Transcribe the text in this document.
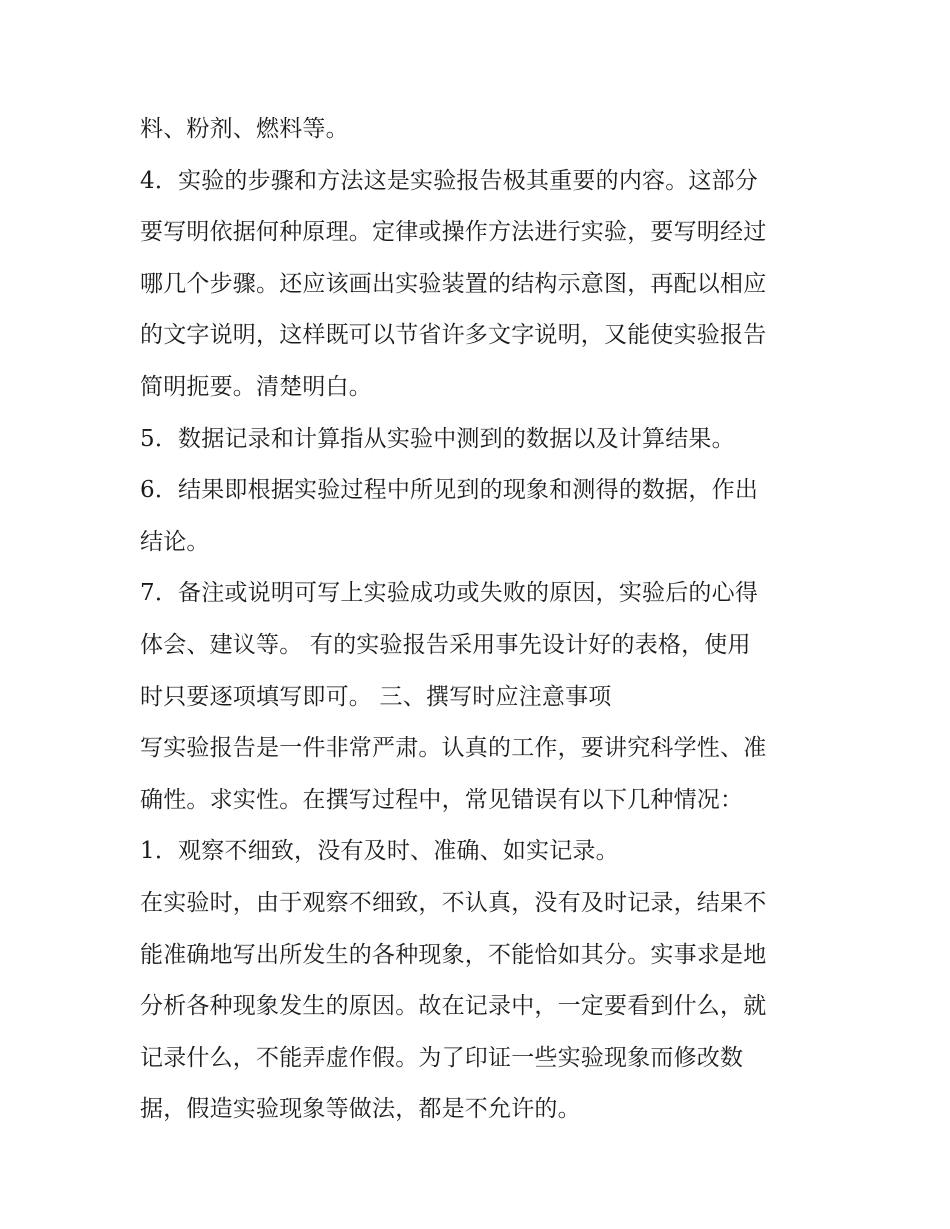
料、粉剂、燃料等。
4．实验的步骤和方法这是实验报告极其重要的内容。这部分
要写明依据何种原理。定律或操作方法进行实验，要写明经过
哪几个步骤。还应该画出实验装置的结构示意图，再配以相应
的文字说明，这样既可以节省许多文字说明，又能使实验报告
简明扼要。清楚明白。
5．数据记录和计算指从实验中测到的数据以及计算结果。
6．结果即根据实验过程中所见到的现象和测得的数据，作出
结论。
7．备注或说明可写上实验成功或失败的原因，实验后的心得
体会、建议等。 有的实验报告采用事先设计好的表格，使用
时只要逐项填写即可。 三、撰写时应注意事项
写实验报告是一件非常严肃。认真的工作，要讲究科学性、准
确性。求实性。在撰写过程中，常见错误有以下几种情况：
1．观察不细致，没有及时、准确、如实记录。
在实验时，由于观察不细致，不认真，没有及时记录，结果不
能准确地写出所发生的各种现象，不能恰如其分。实事求是地
分析各种现象发生的原因。故在记录中，一定要看到什么，就
记录什么，不能弄虚作假。为了印证一些实验现象而修改数
据，假造实验现象等做法，都是不允许的。
